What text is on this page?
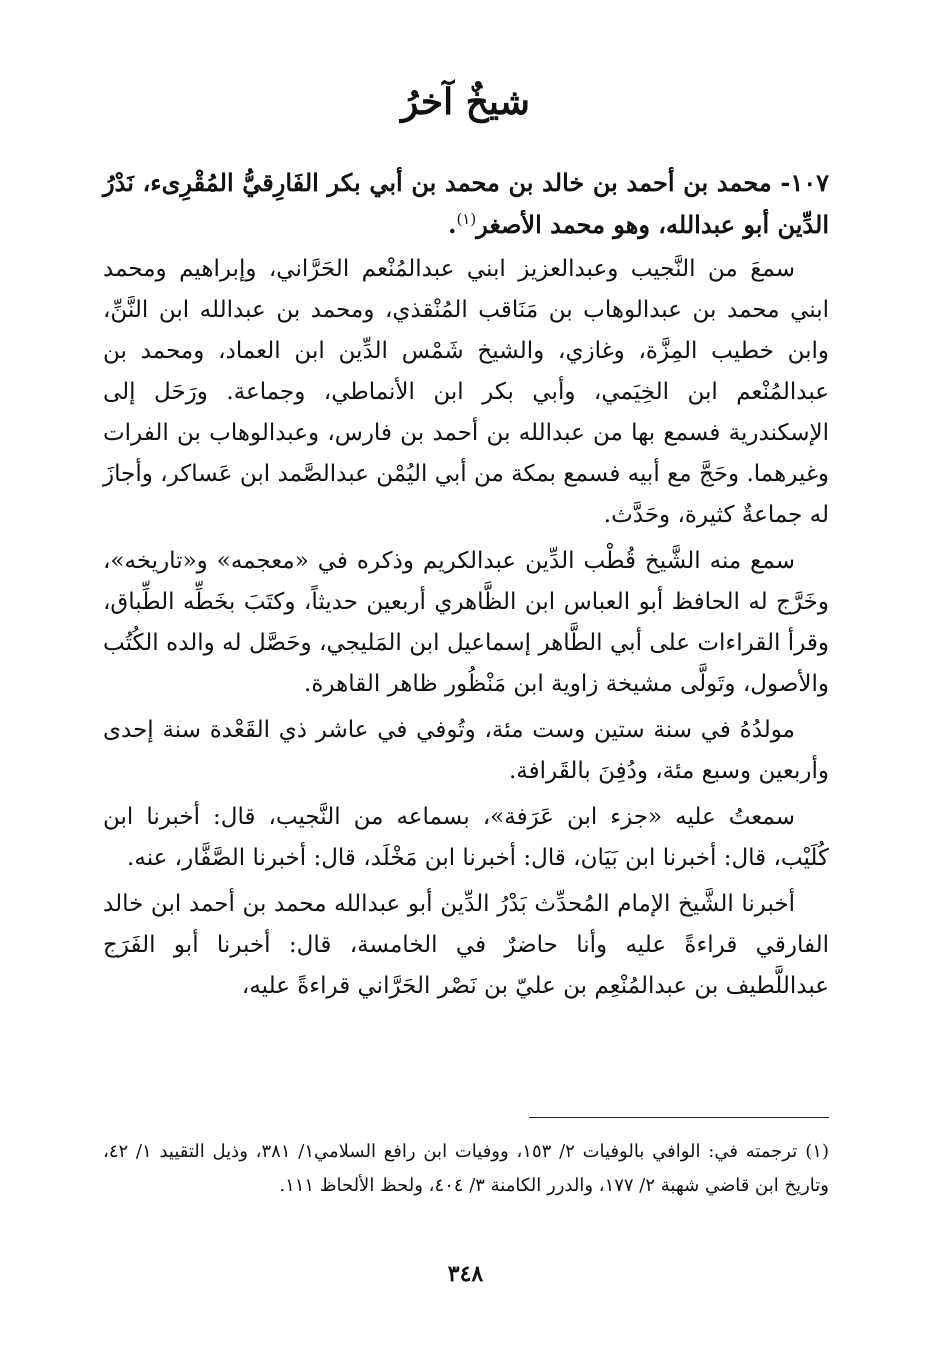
شيخٌ آخرُ
١٠٧- محمد بن أحمد بن خالد بن محمد بن أبي بكر الفَارِقيُّ المُقْرِىء، نَدْرُ الدِّين أبو عبدالله، وهو محمد الأصغر$^{(١)}$.

سمعَ من النَّجيب وعبدالعزيز ابني عبدالمُنْعم الحَرَّاني، وإبراهيم ومحمد ابني محمد بن عبدالوهاب بن مَنَاقب المُنْقذي، ومحمد بن عبدالله ابن النَّنِّ، وابن خطيب المِزَّة، وغازي، والشيخ شَمْس الدِّين ابن العماد، ومحمد بن عبدالمُنْعم ابن الخِيَمي، وأبي بكر ابن الأنماطي، وجماعة. ورَحَل إلى الإسكندرية فسمع بها من عبدالله بن أحمد بن فارس، وعبدالوهاب بن الفرات وغيرهما. وحَجَّ مع أبيه فسمع بمكة من أبي اليُمْن عبدالصَّمد ابن عَساكر، وأجازَ له جماعةٌ كثيرة، وحَدَّث.

سمع منه الشَّيخ قُطْب الدِّين عبدالكريم وذكره في «معجمه» و«تاريخه»، وخَرَّج له الحافظ أبو العباس ابن الظَّاهري أربعين حديثاً، وكتَبَ بخَطِّه الطِّباق، وقرأ القراءات على أبي الطَّاهر إسماعيل ابن المَليجي، وحَصَّل له والده الكُتُب والأصول، وتَولَّى مشيخة زاوية ابن مَنْظُور ظاهر القاهرة.

مولدُهُ في سنة ستين وست مئة، وتُوفي في عاشر ذي القَعْدة سنة إحدى وأربعين وسبع مئة، ودُفِنَ بالقَرافة.

سمعتُ عليه «جزء ابن عَرَفة»، بسماعه من النَّجيب، قال: أخبرنا ابن كُلَيْب، قال: أخبرنا ابن بَيَان، قال: أخبرنا ابن مَخْلَد، قال: أخبرنا الصَّفَّار، عنه.

أخبرنا الشَّيخ الإمام المُحدِّث بَدْرُ الدِّين أبو عبدالله محمد بن أحمد ابن خالد الفارقي قراءةً عليه وأنا حاضرٌ في الخامسة، قال: أخبرنا أبو الفَرَج عبداللَّطيف بن عبدالمُنْعِم بن عليّ بن نَصْر الحَرَّاني قراءةً عليه،

(١)ترجمته في: الوافي بالوفيات ٢/ ١٥٣، ووفيات ابن رافع السلامي١/ ٣٨١، وذيل التقييد ١/ ٤٢، وتاريخ ابن قاضي شهبة ٢/ ١٧٧، والدرر الكامنة ٣/ ٤٠٤، ولحظ الألحاظ ١١١.
٣٤٨
